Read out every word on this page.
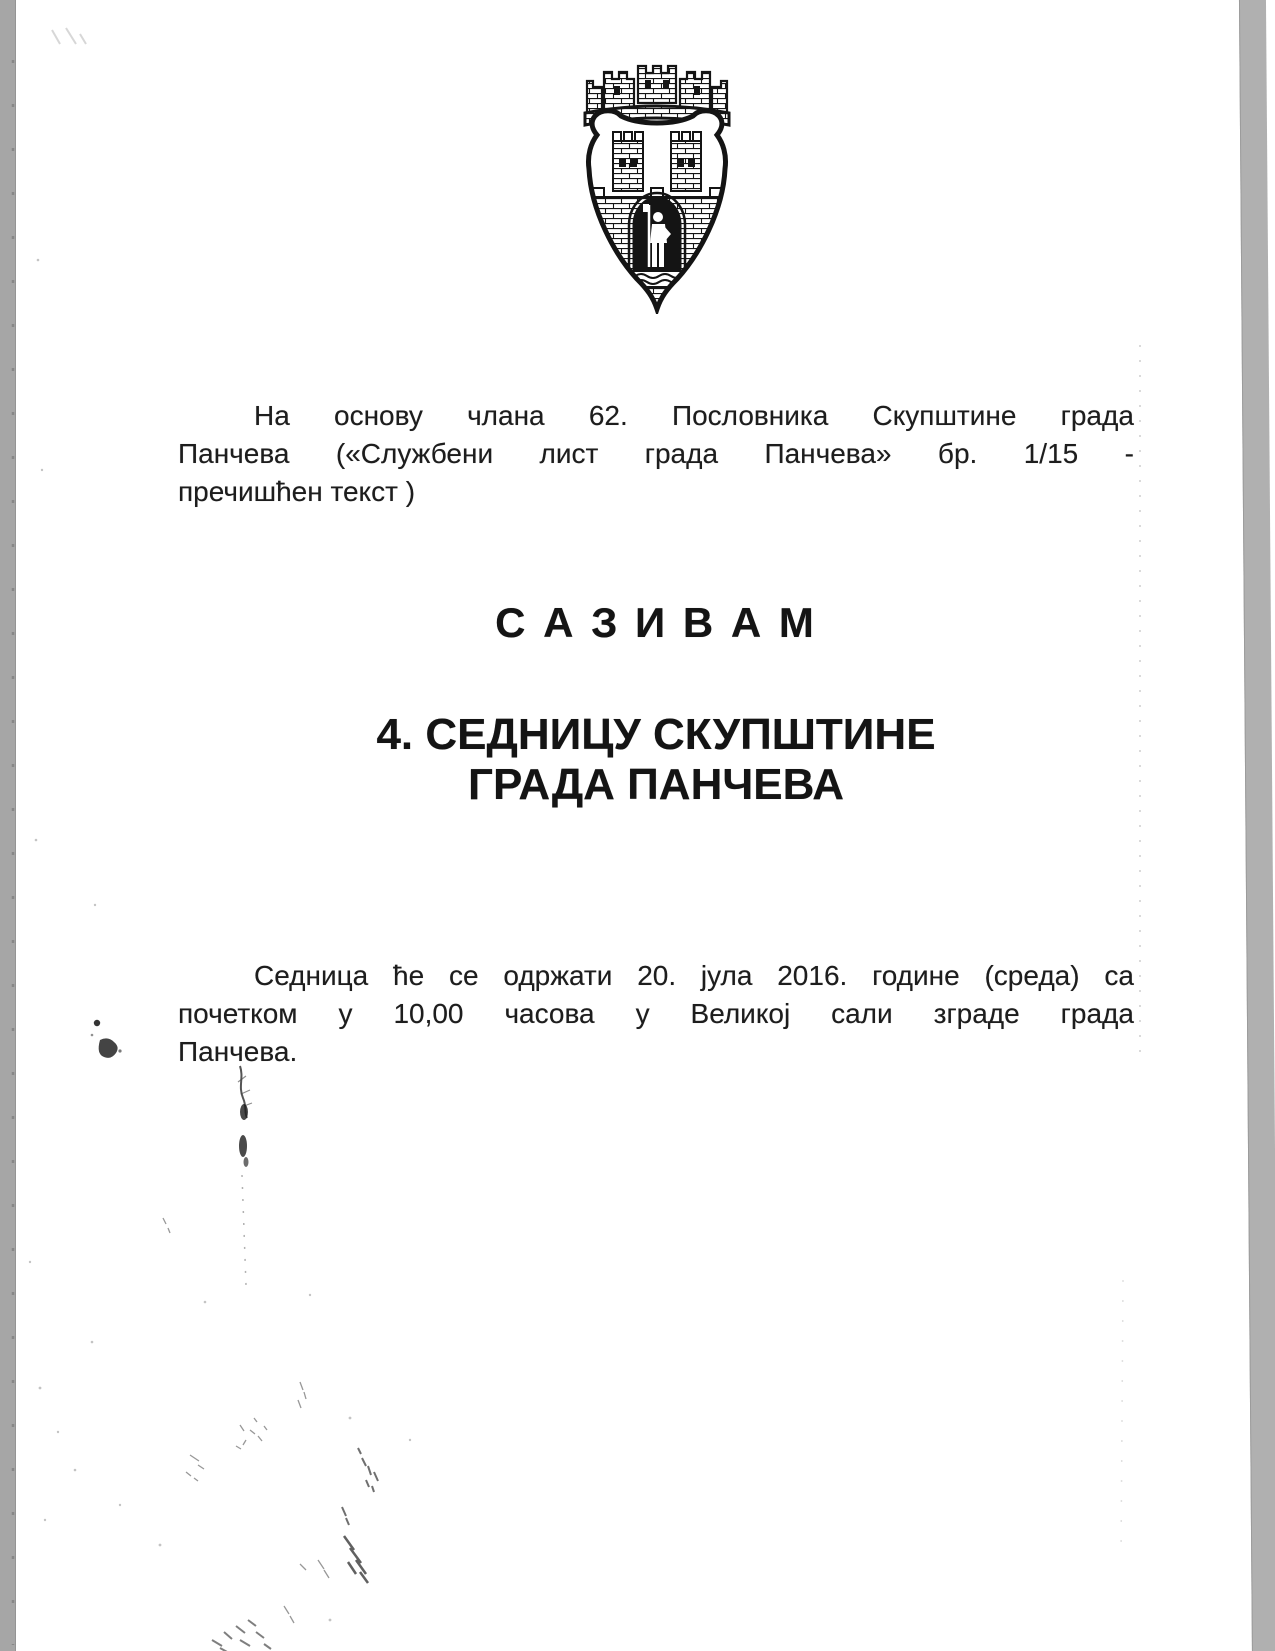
На основу члана 62. Пословника Скупштине града
Панчева («Службени лист града Панчева» бр. 1/15 -
пречишћен текст )
С А З И В А М
4. СЕДНИЦУ СКУПШТИНЕ
ГРАДА ПАНЧЕВА
Седница ће се одржати 20. јула 2016. године (среда) са
почетком у 10,00 часова у Великој сали зграде града
Панчева.
